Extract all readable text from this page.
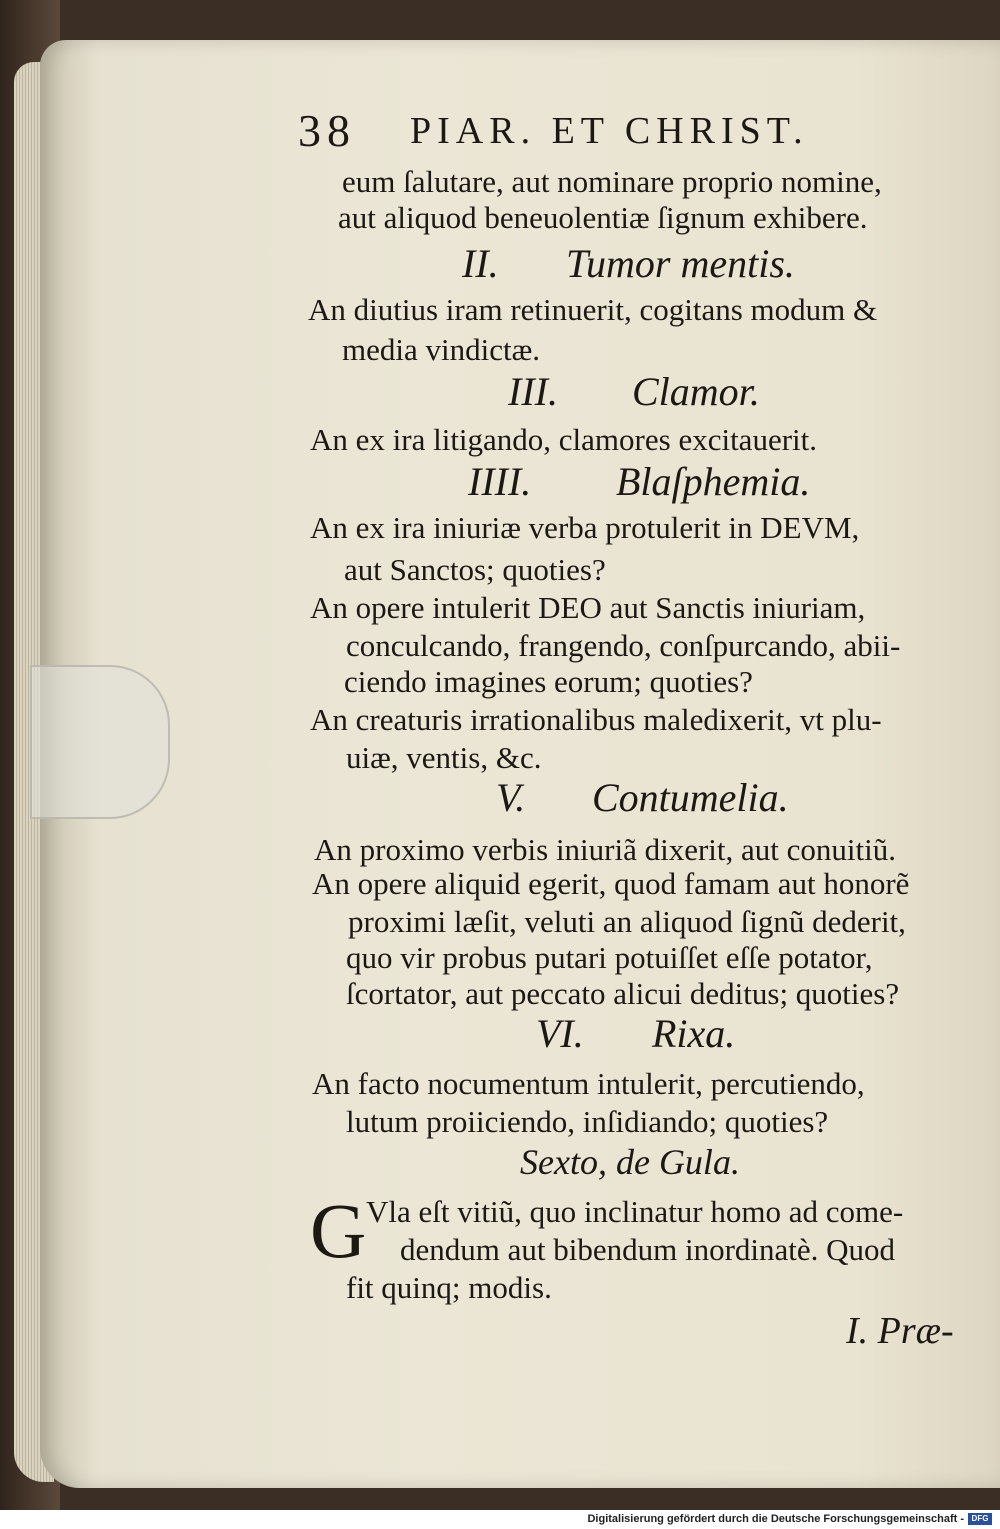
38 PIAR. ET CHRIST.
eum ſalutare, aut nominare proprio nomine,
aut aliquod beneuolentiæ ſignum exhibere.
II. Tumor mentis.
An diutius iram retinuerit, cogitans modum &
media vindictæ.
III. Clamor.
An ex ira litigando, clamores excitauerit.
IIII. Blaſphemia.
An ex ira iniuriæ verba protulerit in DEVM,
aut Sanctos; quoties?
An opere intulerit DEO aut Sanctis iniuriam,
conculcando, frangendo, conſpurcando, abii-
ciendo imagines eorum; quoties?
An creaturis irrationalibus maledixerit, vt plu-
uiæ, ventis, &c.
V. Contumelia.
An proximo verbis iniuriã dixerit, aut conuitiũ.
An opere aliquid egerit, quod famam aut honorẽ
proximi læſit, veluti an aliquod ſignũ dederit,
quo vir probus putari potuiſſet eſſe potator,
ſcortator, aut peccato alicui deditus; quoties?
VI. Rixa.
An facto nocumentum intulerit, percutiendo,
lutum proiiciendo, inſidiando; quoties?
Sexto, de Gula.
G Vla eſt vitiũ, quo inclinatur homo ad come-
dendum aut bibendum inordinatè. Quod
fit quinq; modis.
I. Præ-
Digitalisierung gefördert durch die Deutsche Forschungsgemeinschaft - DFG
